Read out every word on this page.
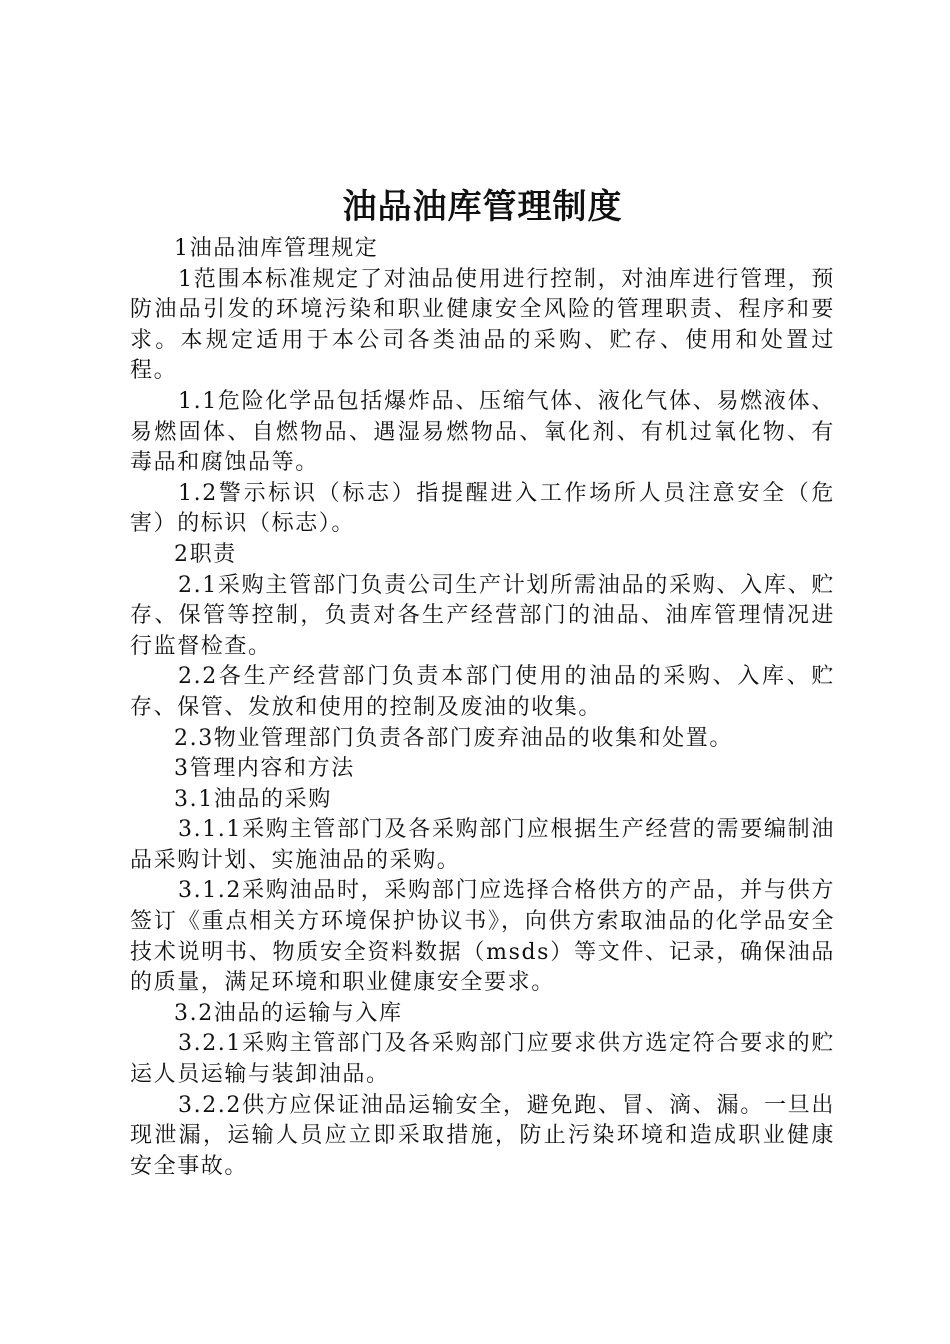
油品油库管理制度

1油品油库管理规定

1范围本标准规定了对油品使用进行控制，对油库进行管理，预防油品引发的环境污染和职业健康安全风险的管理职责、程序和要求。本规定适用于本公司各类油品的采购、贮存、使用和处置过程。

1.1危险化学品包括爆炸品、压缩气体、液化气体、易燃液体、易燃固体、自燃物品、遇湿易燃物品、氧化剂、有机过氧化物、有毒品和腐蚀品等。

1.2警示标识（标志）指提醒进入工作场所人员注意安全（危害）的标识（标志）。

2职责

2.1采购主管部门负责公司生产计划所需油品的采购、入库、贮存、保管等控制，负责对各生产经营部门的油品、油库管理情况进行监督检查。

2.2各生产经营部门负责本部门使用的油品的采购、入库、贮存、保管、发放和使用的控制及废油的收集。

2.3物业管理部门负责各部门废弃油品的收集和处置。

3管理内容和方法

3.1油品的采购

3.1.1采购主管部门及各采购部门应根据生产经营的需要编制油品采购计划、实施油品的采购。

3.1.2采购油品时，采购部门应选择合格供方的产品，并与供方签订《重点相关方环境保护协议书》，向供方索取油品的化学品安全技术说明书、物质安全资料数据（msds）等文件、记录，确保油品的质量，满足环境和职业健康安全要求。

3.2油品的运输与入库

3.2.1采购主管部门及各采购部门应要求供方选定符合要求的贮运人员运输与装卸油品。

3.2.2供方应保证油品运输安全，避免跑、冒、滴、漏。一旦出现泄漏，运输人员应立即采取措施，防止污染环境和造成职业健康安全事故。
